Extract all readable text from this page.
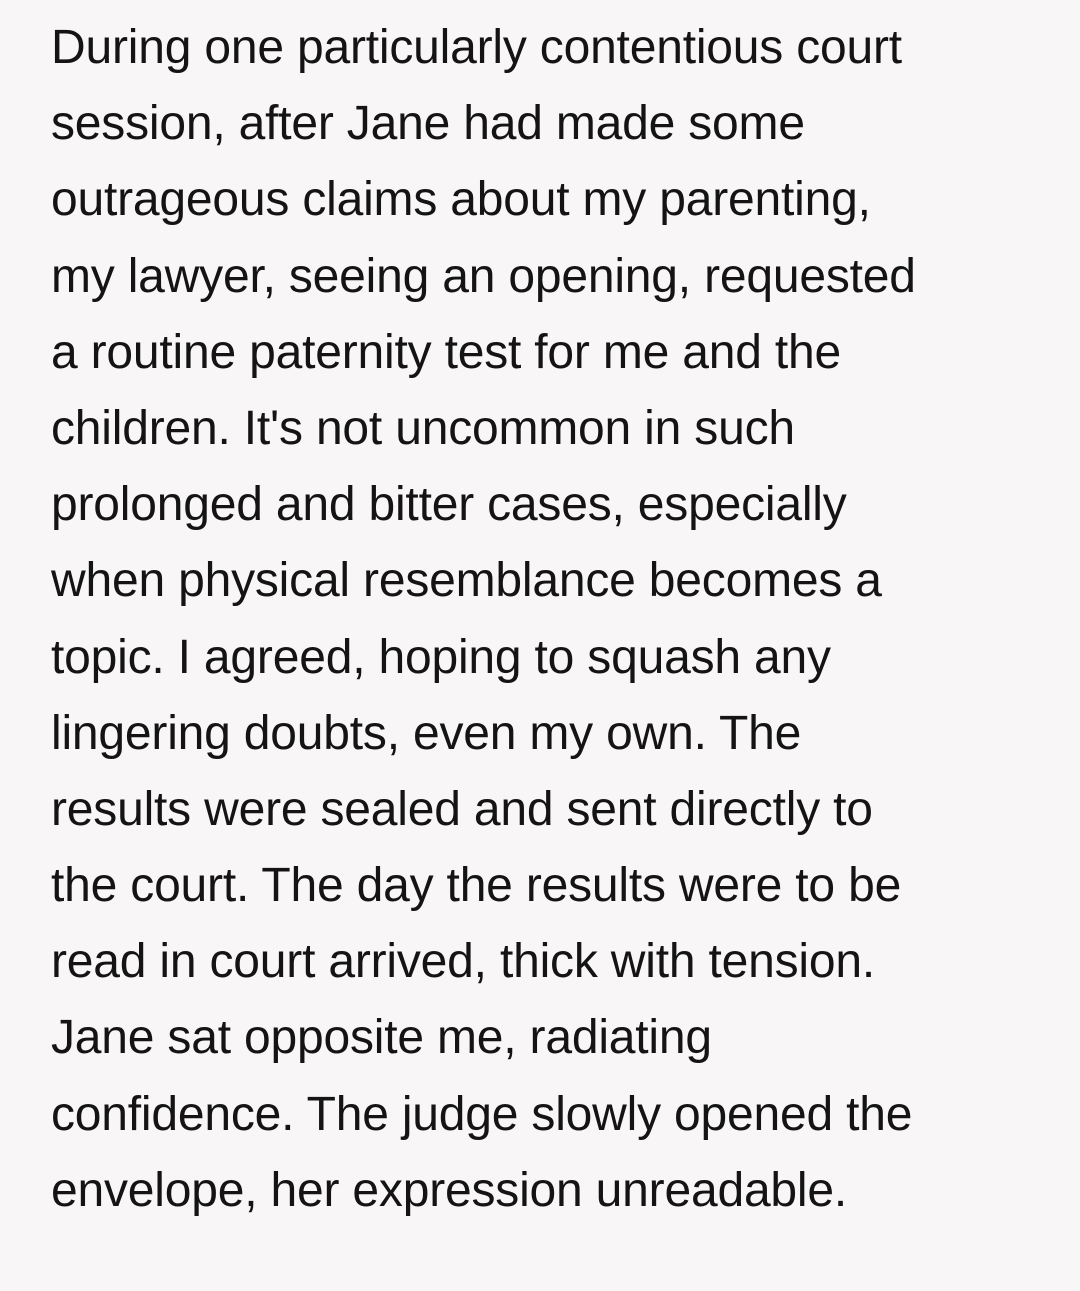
During one particularly contentious court
session, after Jane had made some
outrageous claims about my parenting,
my lawyer, seeing an opening, requested
a routine paternity test for me and the
children. It's not uncommon in such
prolonged and bitter cases, especially
when physical resemblance becomes a
topic. I agreed, hoping to squash any
lingering doubts, even my own. The
results were sealed and sent directly to
the court. The day the results were to be
read in court arrived, thick with tension.
Jane sat opposite me, radiating
confidence. The judge slowly opened the
envelope, her expression unreadable.
